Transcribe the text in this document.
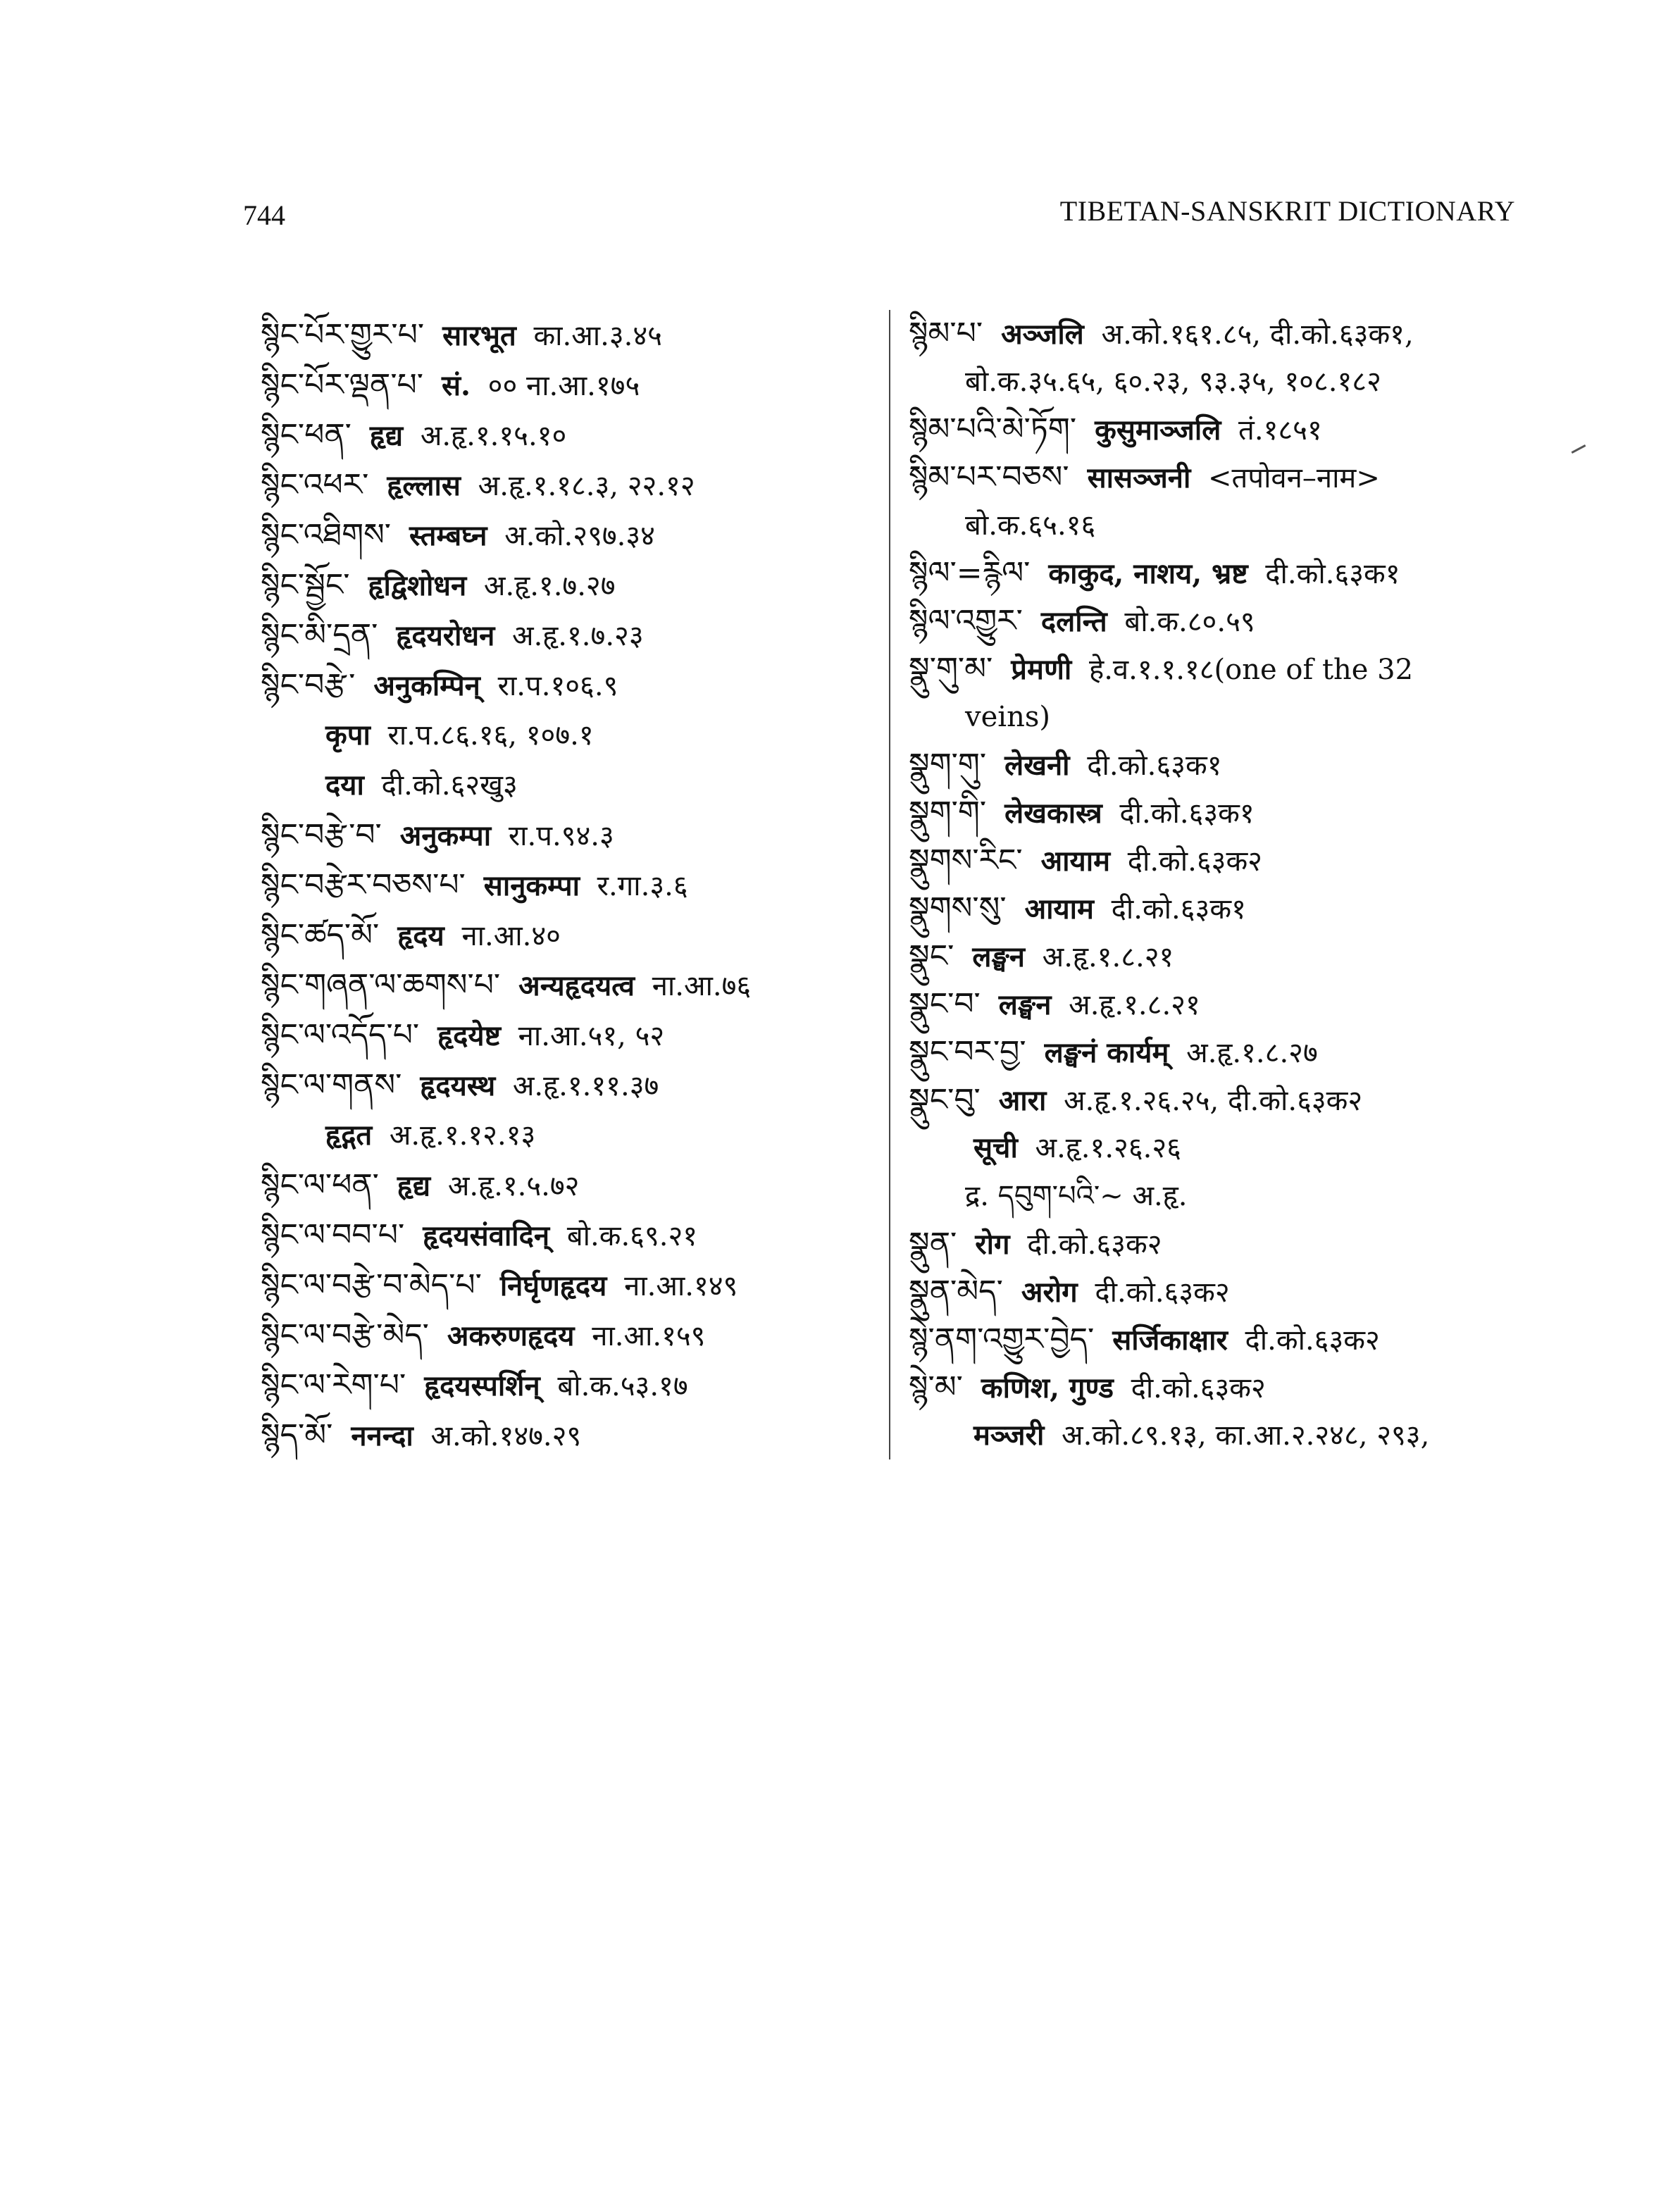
744	TIBETAN-SANSKRIT DICTIONARY
སྙིང་པོར་གྱུར་པ་ सारभूत का.आ.३.४५
སྙིང་པོར་ལྡན་པ་ सं. ०० ना.आ.१७५
སྙིང་ཕན་ हृद्य अ.हृ.१.१५.१०
སྙིང་འཕར་ हृल्लास अ.हृ.१.१८.३, २२.१२
སྙིང་འཐིགས་ स्तम्बघ्न अ.को.२९७.३४
སྙིང་སྦྱོང་ हृद्विशोधन अ.हृ.१.७.२७
སྙིང་མི་དྲན་ हृदयरोधन अ.हृ.१.७.२३
སྙིང་བརྩེ་ अनुकम्पिन् रा.प.१०६.९
कृपा रा.प.८६.१६, १०७.१
दया दी.को.६२खु३
སྙིང་བརྩེ་བ་ अनुकम्पा रा.प.९४.३
སྙིང་བརྩེར་བཅས་པ་ सानुकम्पा र.गा.३.६
སྙིང་ཚད་མོ་ हृदय ना.आ.४०
སྙིང་གཞན་ལ་ཆགས་པ་ अन्यहृदयत्व ना.आ.७६
སྙིང་ལ་འདོད་པ་ हृदयेष्ट ना.आ.५१, ५२
སྙིང་ལ་གནས་ हृदयस्थ अ.हृ.१.११.३७
हृद्गत अ.हृ.१.१२.१३
སྙིང་ལ་ཕན་ हृद्य अ.हृ.१.५.७२
སྙིང་ལ་བབ་པ་ हृदयसंवादिन् बो.क.६९.२१
སྙིང་ལ་བརྩེ་བ་མེད་པ་ निर्घृणहृदय ना.आ.१४९
སྙིང་ལ་བརྩེ་མེད་ अकरुणहृदय ना.आ.१५९
སྙིང་ལ་རེག་པ་ हृदयस्पर्शिन् बो.क.५३.१७
སྙིད་མོ་ ननन्दा अ.को.१४७.२९
སྙིམ་པ་ अञ्जलि अ.को.१६१.८५, दी.को.६३क१,
बो.क.३५.६५, ६०.२३, ९३.३५, १०८.१८२
སྙིམ་པའི་མེ་ཏོག་ कुसुमाञ्जलि तं.१८५१
སྙིམ་པར་བཅས་ सासञ्जनी <तपोवन–नाम>
बो.क.६५.१६
སྙིལ་=རྙིལ་ काकुद, नाशय, भ्रष्ट दी.को.६३क१
སྙིལ་འགྱུར་ दलन्ति बो.क.८०.५९
སྣུ་གུ་མ་ प्रेमणी हे.व.१.१.१८(one of the 32
veins)
སྣུག་གུ་ लेखनी दी.को.६३क१
སྣུག་གི་ लेखकास्त्र दी.को.६३क१
སྣུགས་རིང་ आयाम दी.को.६३क२
སྣུགས་སུ་ आयाम दी.को.६३क१
སྣུང་ लङ्घन अ.हृ.१.८.२१
སྣུང་བ་ लङ्घन अ.हृ.१.८.२१
སྣུང་བར་བྱ་ लङ्घनं कार्यम् अ.हृ.१.८.२७
སྣུང་བུ་ आरा अ.हृ.१.२६.२५, दी.को.६३क२
सूची अ.हृ.१.२६.२६
द्र. དབུག་པའི་~ अ.हृ.
སྣུན་ रोग दी.को.६३क२
སྣུན་མེད་ अरोग दी.को.६३क२
སྙེ་ནག་འགྱུར་བྱེད་ सर्जिकाक्षार दी.को.६३क२
སྙེ་མ་ कणिश, गुण्ड दी.को.६३क२
मञ्जरी अ.को.८९.१३, का.आ.२.२४८, २९३,
